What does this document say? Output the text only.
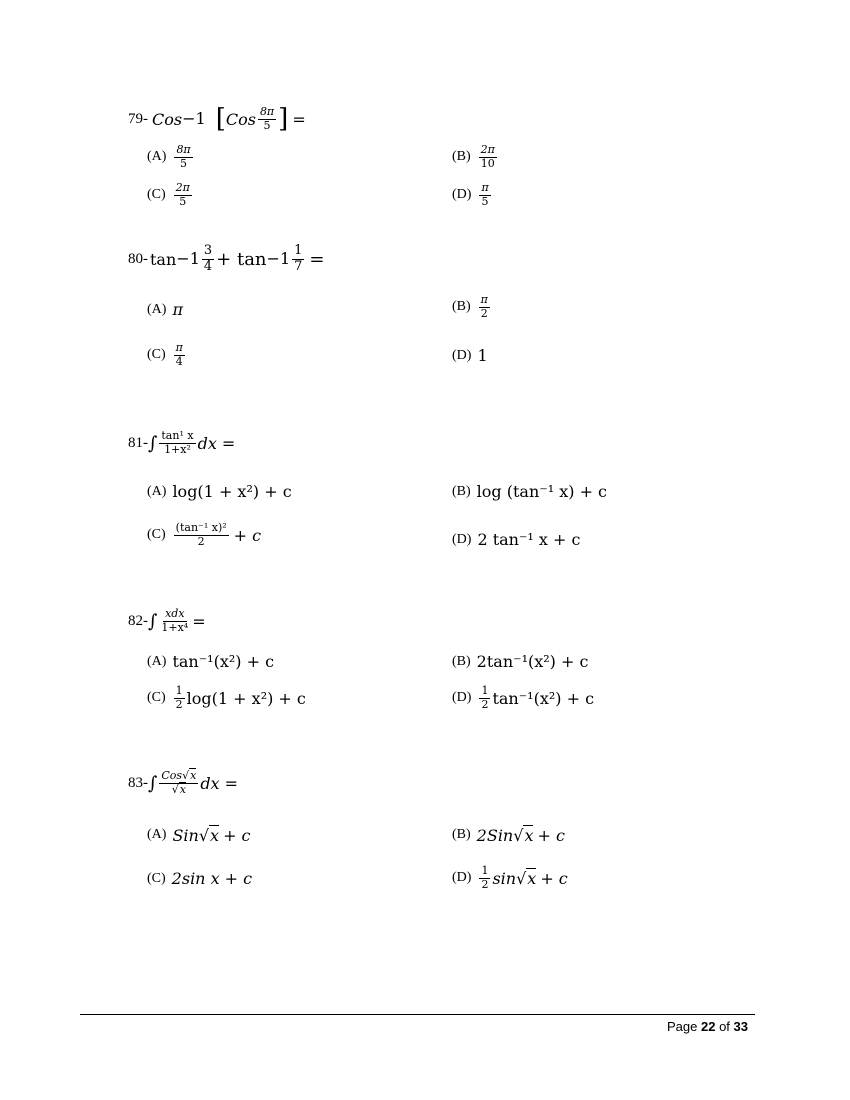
79- Cos −1 [ Cos $\frac{8\pi}{5}$ ] =
$(A) \frac{8\pi}{5}$	$(B) \frac{2\pi}{10}$
$(C) \frac{2\pi}{5}$	$(D) \frac{\pi}{5}$
80- $\tan -1 \frac{3}{4} + \tan -1 \frac{1}{7}$ =
(A) π	$(B) \frac{\pi}{2}$
$(C) \frac{\pi}{4}$	(D) 1
81- ∫ $\frac{\text{tan¹ x}}{\text{1+x²}}$ dx =
(A) log(1 + x²) + c	(B) log (tan⁻¹ x) + c
$(C) \frac{\text{(tan⁻¹ x)²}}{2} + c$	(D) 2 tan⁻¹ x + c
82- ∫ $\frac{\text{xdx}}{\text{1+x⁴}}$ =
(A) tan⁻¹(x²) + c	(B) 2tan⁻¹(x²) + c
$(C) \frac{1}{2} \log(1 + x^2) + c$	$(D) \frac{1}{2} \tan^{-1}(x^2) + c$
83- ∫ $\frac{\text{Cos√x}}{√x}$ dx =
(A) Sin √ x + c	(B) 2Sin √ x + c
(C) 2sin x + c	$(D) \frac{1}{2}$ sin √ x + c
Page 22 of 33
